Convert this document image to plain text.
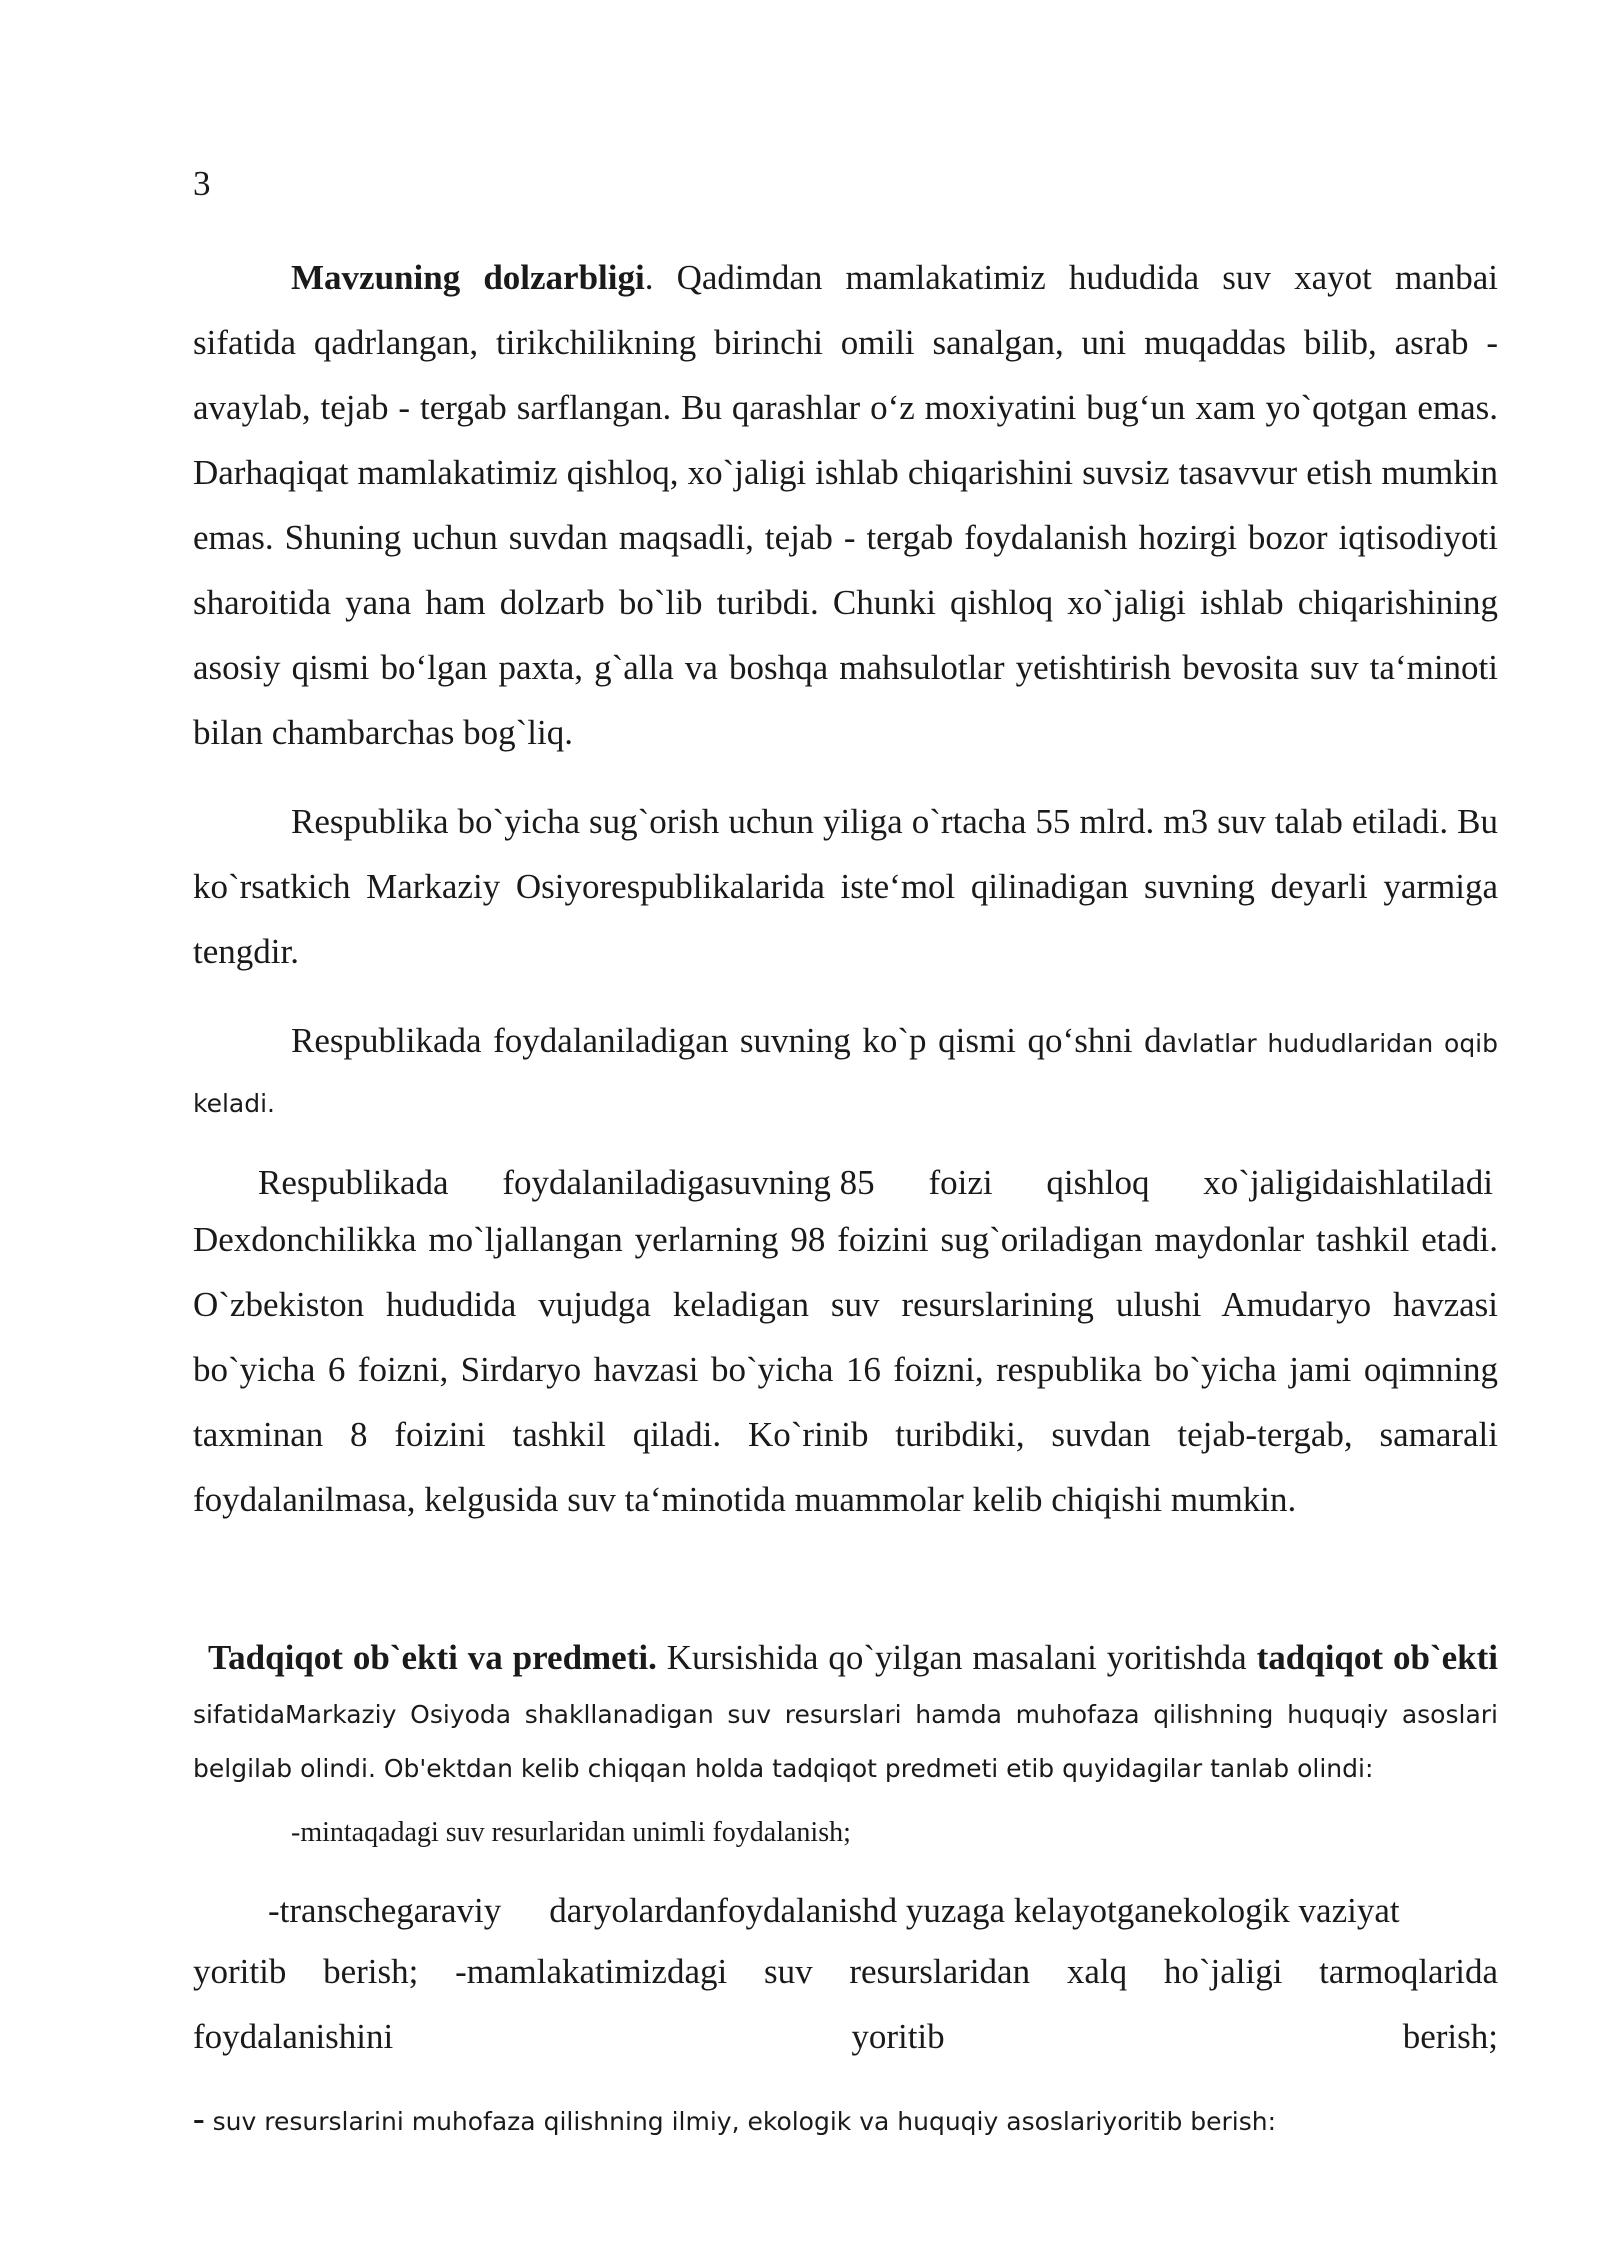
3
Mavzuning dolzarbligi. Qadimdan mamlakatimiz hududida suv xayot manbai sifatida qadrlangan, tirikchilikning birinchi omili sanalgan, uni muqaddas bilib, asrab - avaylab, tejab - tergab sarflangan. Bu qarashlar o‘z moxiyatini bug‘un xam yo`qotgan emas. Darhaqiqat mamlakatimiz qishloq, xo`jaligi ishlab chiqarishini suvsiz tasavvur etish mumkin emas. Shuning uchun suvdan maqsadli, tejab - tergab foydalanish hozirgi bozor iqtisodiyoti sharoitida yana ham dolzarb bo`lib turibdi. Chunki qishloq xo`jaligi ishlab chiqarishining asosiy qismi bo‘lgan paxta, g`alla va boshqa mahsulotlar yetishtirish bevosita suv ta‘minoti bilan chambarchas bog`liq.
Respublika bo`yicha sug`orish uchun yiliga o`rtacha 55 mlrd. m3 suv talab etiladi. Bu ko`rsatkich Markaziy Osiyorespublikalarida iste‘mol qilinadigan suvning deyarli yarmiga tengdir.
Respublikada foydalaniladigan suvning ko`p qismi qo‘shni davlatlar hududlaridan oqib keladi.
Respublikada foydalaniladigasuvning 85 foizi qishloq xo`jaligidaishlatiladi
Dexdonchilikka mo`ljallangan yerlarning 98 foizini sug`oriladigan maydonlar tashkil etadi. O`zbekiston hududida vujudga keladigan suv resurslarining ulushi Amudaryo havzasi bo`yicha 6 foizni, Sirdaryo havzasi bo`yicha 16 foizni, respublika bo`yicha jami oqimning taxminan 8 foizini tashkil qiladi. Ko`rinib turibdiki, suvdan tejab-tergab, samarali foydalanilmasa, kelgusida suv ta‘minotida muammolar kelib chiqishi mumkin.
Tadqiqot ob`ekti va predmeti. Kursishida qo`yilgan masalani yoritishda tadqiqot ob`ekti sifatidaMarkaziy Osiyoda shakllanadigan suv resurslari hamda muhofaza qilishning huquqiy asoslari belgilab olindi. Ob'ektdan kelib chiqqan holda tadqiqot predmeti etib quyidagilar tanlab olindi:
-mintaqadagi suv resurlaridan unimli foydalanish;
-transchegaraviy daryolardanfoydalanishd yuzaga kelayotganekologik vaziyat
yoritib berish; -mamlakatimizdagi suv resurslaridan xalq ho`jaligi tarmoqlarida
foydalanishini	yoritib	berish;
- suv resurslarini muhofaza qilishning ilmiy, ekologik va huquqiy asoslariyoritib berish:
